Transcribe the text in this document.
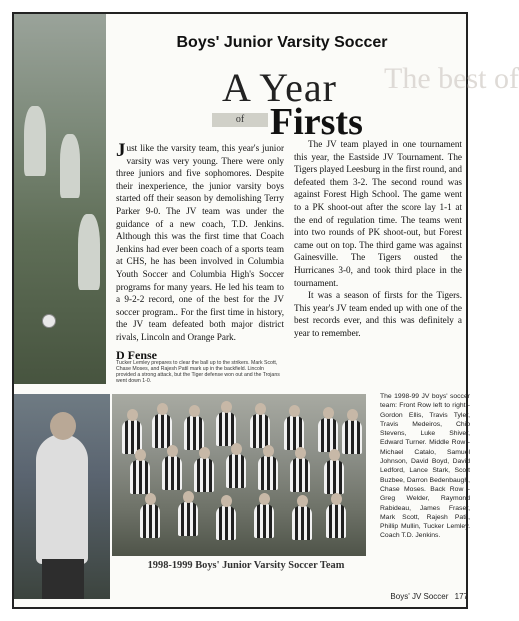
The best of
Boys' Junior Varsity Soccer
A Year
of Firsts
Just like the varsity team, this year's junior varsity was very young. There were only three juniors and five sophomores. Despite their inexperience, the junior varsity boys started off their season by demolishing Terry Parker 9-0. The JV team was under the guidance of a new coach, T.D. Jenkins. Although this was the first time that Coach Jenkins had ever been coach of a sports team at CHS, he has been involved in Columbia Youth Soccer and Columbia High's Soccer programs for many years. He led his team to a 9-2-2 record, one of the best for the JV soccer program.. For the first time in history, the JV team defeated both major district rivals, Lincoln and Orange Park.
The JV team played in one tournament this year, the Eastside JV Tournament. The Tigers played Leesburg in the first round, and defeated them 3-2. The second round was against Forest High School. The game went to a PK shoot-out after the score lay 1-1 at the end of regulation time. The teams went into two rounds of PK shoot-out, but Forest came out on top. The third game was against Gainesville. The Tigers ousted the Hurricanes 3-0, and took third place in the tournament.
It was a season of firsts for the Tigers. This year's JV team ended up with one of the best records ever, and this was definitely a year to remember.
D Fense
Tucker Lemley prepares to clear the ball up to the strikers. Mark Scott, Chase Moses, and Rajesh Patil mark up in the backfield. Lincoln provided a strong attack, but the Tiger defense won out and the Trojans went down 1-0.
The 1998-99 JV boys' soccer team: Front Row left to right - Gordon Ellis, Travis Tyler, Travis Medeiros, Chip Stevens, Luke Shiver, Edward Turner. Middle Row - Michael Catalo, Samuel Johnson, David Boyd, David Ledford, Lance Stark, Scott Buzbee, Darron Bedenbaugh, Chase Moses. Back Row - Greg Welder, Raymond Rabideau, James Fraser, Mark Scott, Rajesh Patil, Phillip Mullin, Tucker Lemley. Coach T.D. Jenkins.
1998-1999 Boys' Junior Varsity Soccer Team
Boys' JV Soccer 177
